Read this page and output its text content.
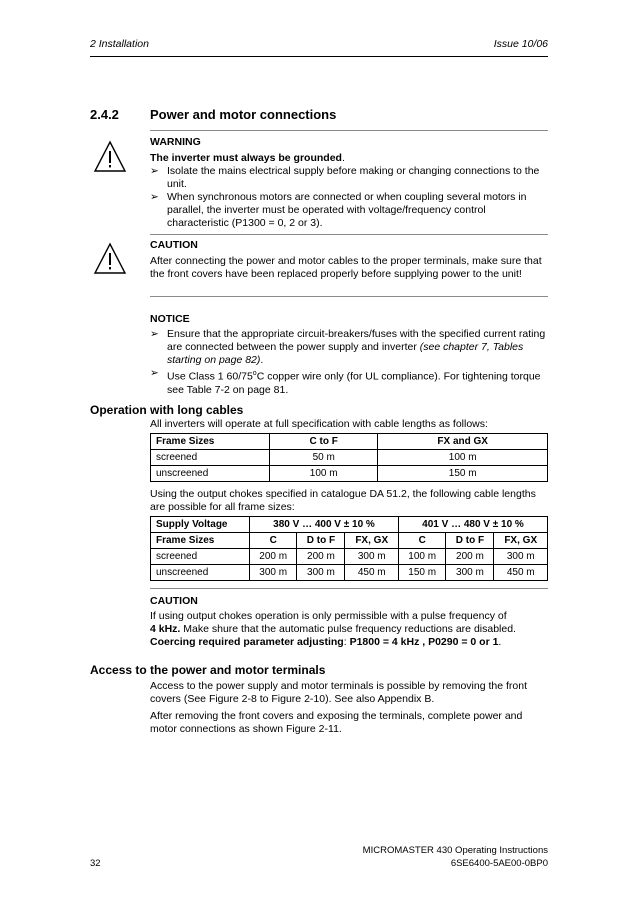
2 Installation	Issue 10/06
2.4.2 Power and motor connections

WARNING

The inverter must always be grounded.

➢ Isolate the mains electrical supply before making or changing connections to the unit.
➢ When synchronous motors are connected or when coupling several motors in parallel, the inverter must be operated with voltage/frequency control characteristic (P1300 = 0, 2 or 3).

CAUTION

After connecting the power and motor cables to the proper terminals, make sure that the front covers have been replaced properly before supplying power to the unit!

NOTICE

➢ Ensure that the appropriate circuit-breakers/fuses with the specified current rating are connected between the power supply and inverter (see chapter 7, Tables starting on page 82).
➢ Use Class 1 60/75$^o$C copper wire only (for UL compliance). For tightening torque see Table 7-2 on page 81.
Operation with long cables
All inverters will operate at full specification with cable lengths as follows:
Frame Sizes	C to F	FX and GX
screened	50 m	100 m
unscreened	100 m	150 m
Using the output chokes specified in catalogue DA 51.2, the following cable lengths are possible for all frame sizes:
Supply Voltage	380 V … 400 V ± 10 %			401 V … 480 V ± 10 %		
Frame Sizes	C	D to F	FX, GX	C	D to F	FX, GX
screened	200 m	200 m	300 m	100 m	200 m	300 m
unscreened	300 m	300 m	450 m	150 m	300 m	450 m

CAUTION

If using output chokes operation is only permissible with a pulse frequency of

4 kHz. Make shure that the automatic pulse frequency reductions are disabled.

Coercing required parameter adjusting: P1800 = 4 kHz , P0290 = 0 or 1.

Access to the power and motor terminals

Access to the power supply and motor terminals is possible by removing the front covers (See Figure 2-8 to Figure 2-10). See also Appendix B.

After removing the front covers and exposing the terminals, complete power and motor connections as shown Figure 2-11.

MICROMASTER 430 Operating Instructions
32	6SE6400-5AE00-0BP0
